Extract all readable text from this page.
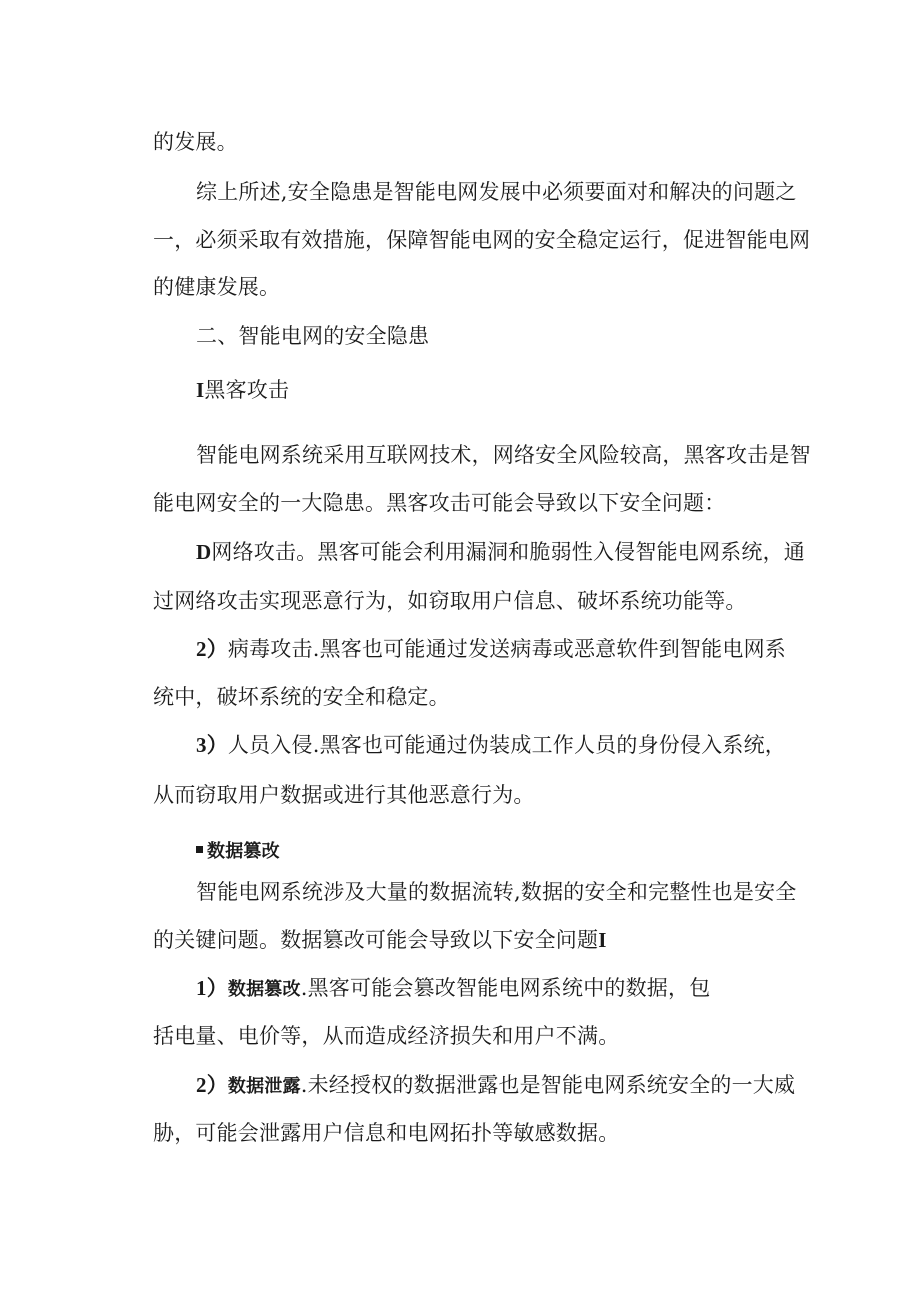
的发展。
综上所述,安全隐患是智能电网发展中必须要面对和解决的问题之
一，必须采取有效措施，保障智能电网的安全稳定运行，促进智能电网
的健康发展。
二、智能电网的安全隐患
I黑客攻击
智能电网系统采用互联网技术，网络安全风险较高，黑客攻击是智
能电网安全的一大隐患。黑客攻击可能会导致以下安全问题：
D网络攻击。黑客可能会利用漏洞和脆弱性入侵智能电网系统，通
过网络攻击实现恶意行为，如窃取用户信息、破坏系统功能等。
2）病毒攻击.黑客也可能通过发送病毒或恶意软件到智能电网系
统中，破坏系统的安全和稳定。
3）人员入侵.黑客也可能通过伪装成工作人员的身份侵入系统，
从而窃取用户数据或进行其他恶意行为。
数据篡改
智能电网系统涉及大量的数据流转,数据的安全和完整性也是安全
的关键问题。数据篡改可能会导致以下安全问题I
1）数据篡改.黑客可能会篡改智能电网系统中的数据，包
括电量、电价等，从而造成经济损失和用户不满。
2）数据泄露.未经授权的数据泄露也是智能电网系统安全的一大威
胁，可能会泄露用户信息和电网拓扑等敏感数据。
